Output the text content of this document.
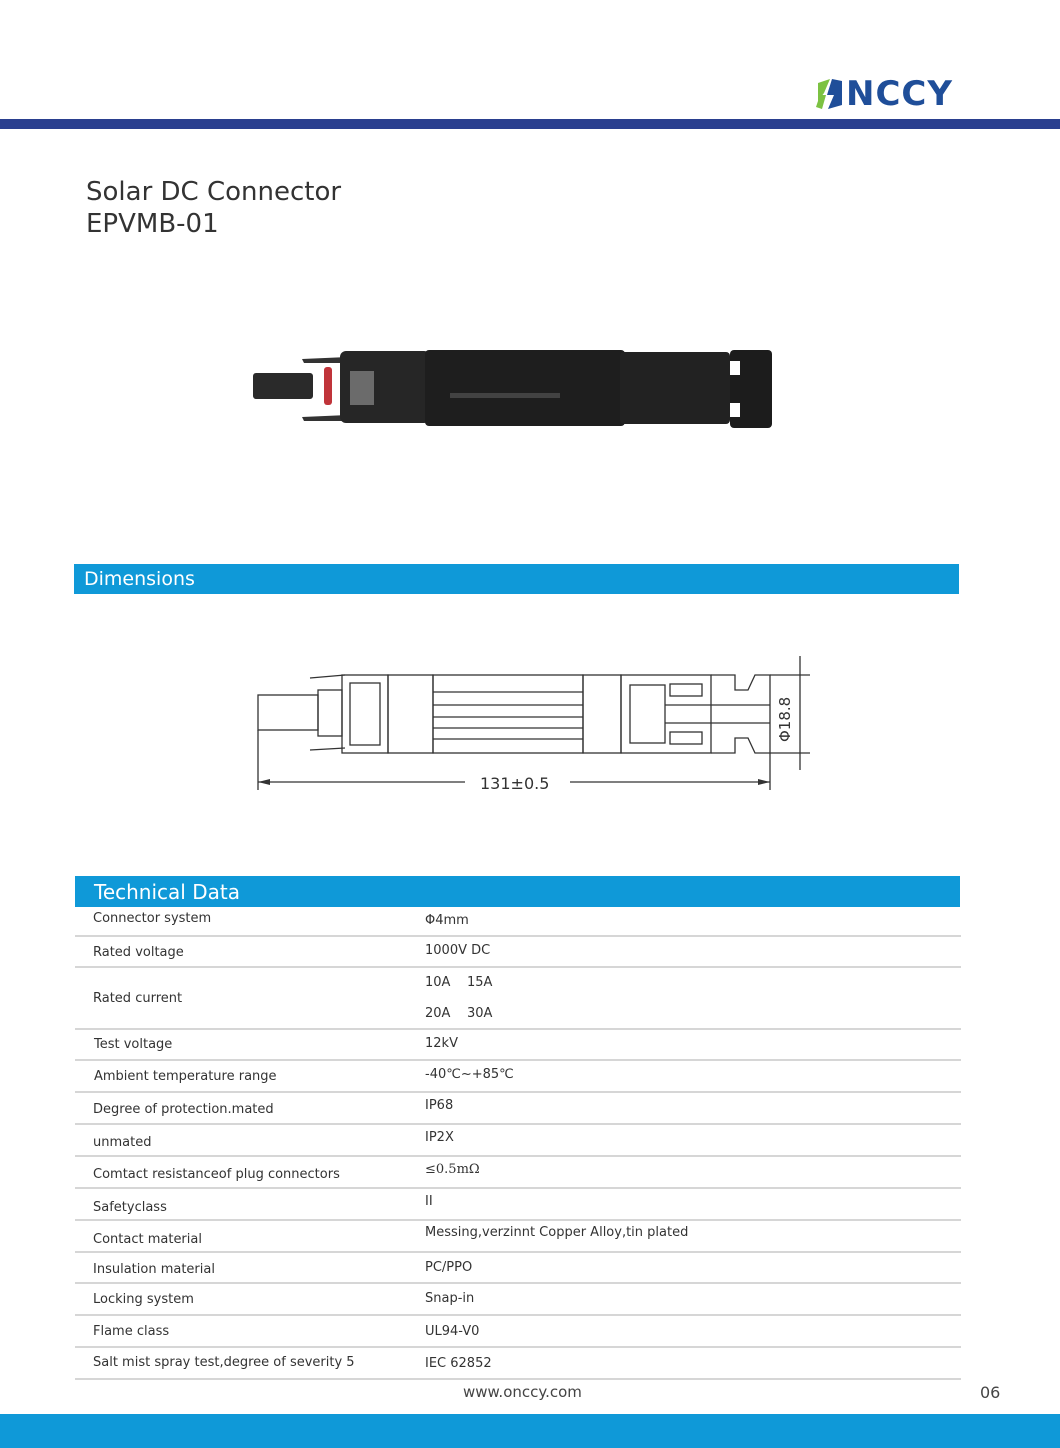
NCCY
Solar DC Connector
EPVMB-01
Dimensions
131±0.5
Φ18.8
Technical Data
Connector system	Φ4mm
Rated voltage	1000V DC
Rated current
10A    15A
20A    30A
Test voltage	12kV
Ambient temperature range	-40℃~+85℃
Degree of protection.mated	IP68
unmated	IP2X
Comtact resistanceof plug connectors	≤0.5mΩ
Safetyclass	II
Contact material	Messing,verzinnt Copper Alloy,tin plated
Insulation material	PC/PPO
Locking system	Snap-in
Flame class	UL94-V0
Salt mist spray test,degree of severity 5	IEC 62852
www.onccy.com	06
